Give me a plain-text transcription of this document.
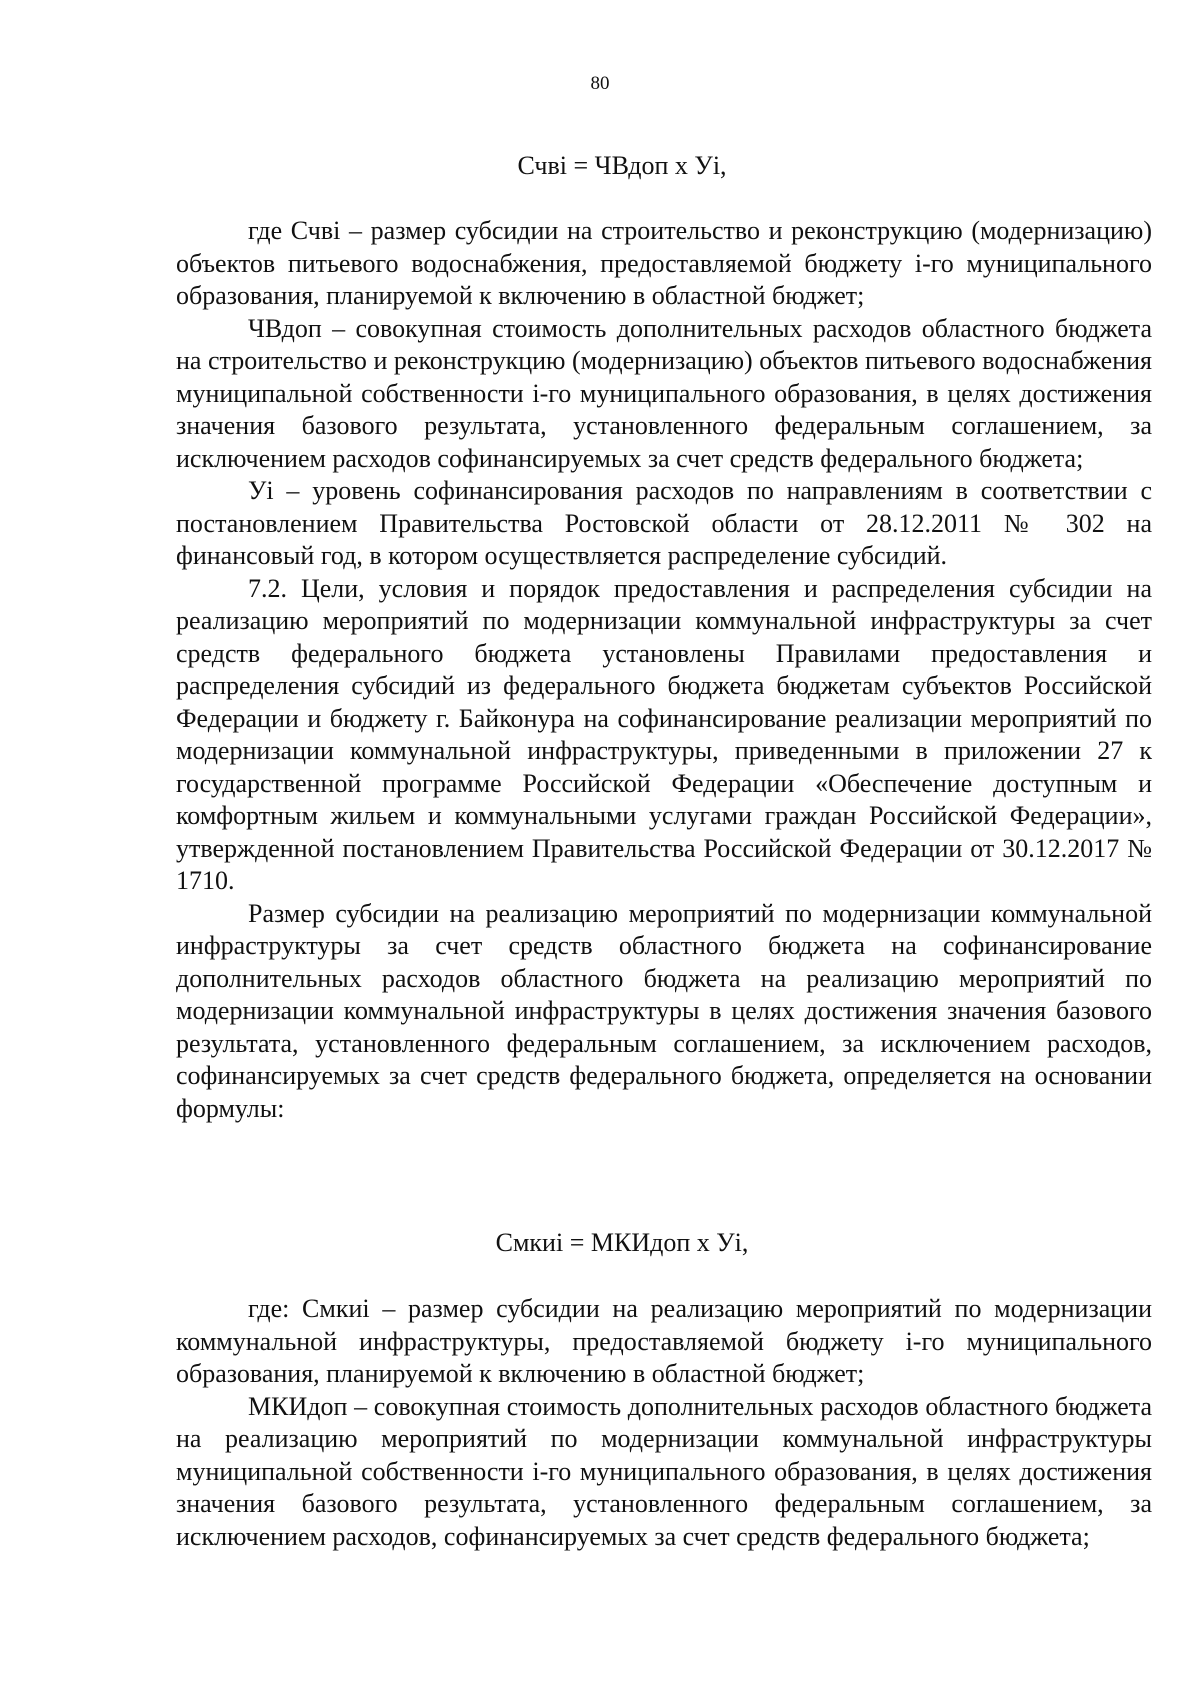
80
Счві = ЧВдоп х Уі,

где Счві – размер субсидии на строительство и реконструкцию (модернизацию) объектов питьевого водоснабжения, предоставляемой бюджету і-го муниципального образования, планируемой к включению в областной бюджет;

ЧВдоп – совокупная стоимость дополнительных расходов областного бюджета на строительство и реконструкцию (модернизацию) объектов питьевого водоснабжения муниципальной собственности і-го муниципального образования, в целях достижения значения базового результата, установленного федеральным соглашением, за исключением расходов софинансируемых за счет средств федерального бюджета;

Уі – уровень софинансирования расходов по направлениям в соответствии с постановлением Правительства Ростовской области от 28.12.2011 № 302 на финансовый год, в котором осуществляется распределение субсидий.

7.2. Цели, условия и порядок предоставления и распределения субсидии на реализацию мероприятий по модернизации коммунальной инфраструктуры за счет средств федерального бюджета установлены Правилами предоставления и распределения субсидий из федерального бюджета бюджетам субъектов Российской Федерации и бюджету г. Байконура на софинансирование реализации мероприятий по модернизации коммунальной инфраструктуры, приведенными в приложении 27 к государственной программе Российской Федерации «Обеспечение доступным и комфортным жильем и коммунальными услугами граждан Российской Федерации», утвержденной постановлением Правительства Российской Федерации от 30.12.2017 № 1710.

Размер субсидии на реализацию мероприятий по модернизации коммунальной инфраструктуры за счет средств областного бюджета на софинансирование дополнительных расходов областного бюджета на реализацию мероприятий по модернизации коммунальной инфраструктуры в целях достижения значения базового результата, установленного федеральным соглашением, за исключением расходов, софинансируемых за счет средств федерального бюджета, определяется на основании формулы:

Смкиі = МКИдоп х Уі,

где: Смкиі – размер субсидии на реализацию мероприятий по модернизации коммунальной инфраструктуры, предоставляемой бюджету і-го муниципального образования, планируемой к включению в областной бюджет;

МКИдоп – совокупная стоимость дополнительных расходов областного бюджета на реализацию мероприятий по модернизации коммунальной инфраструктуры муниципальной собственности і-го муниципального образования, в целях достижения значения базового результата, установленного федеральным соглашением, за исключением расходов, софинансируемых за счет средств федерального бюджета;
